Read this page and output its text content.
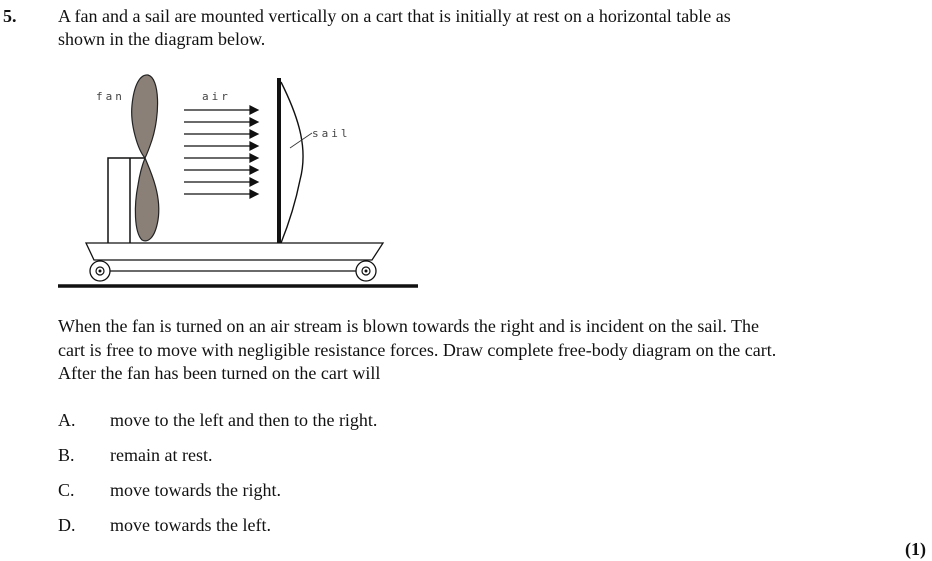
5. A fan and a sail are mounted vertically on a cart that is initially at rest on a horizontal table as
shown in the diagram below.
fan	air
sail
When the fan is turned on an air stream is blown towards the right and is incident on the sail. The
cart is free to move with negligible resistance forces. Draw complete free-body diagram on the cart.
After the fan has been turned on the cart will
A. move to the left and then to the right.
B. remain at rest.
C. move towards the right.
D. move towards the left.
(1)
